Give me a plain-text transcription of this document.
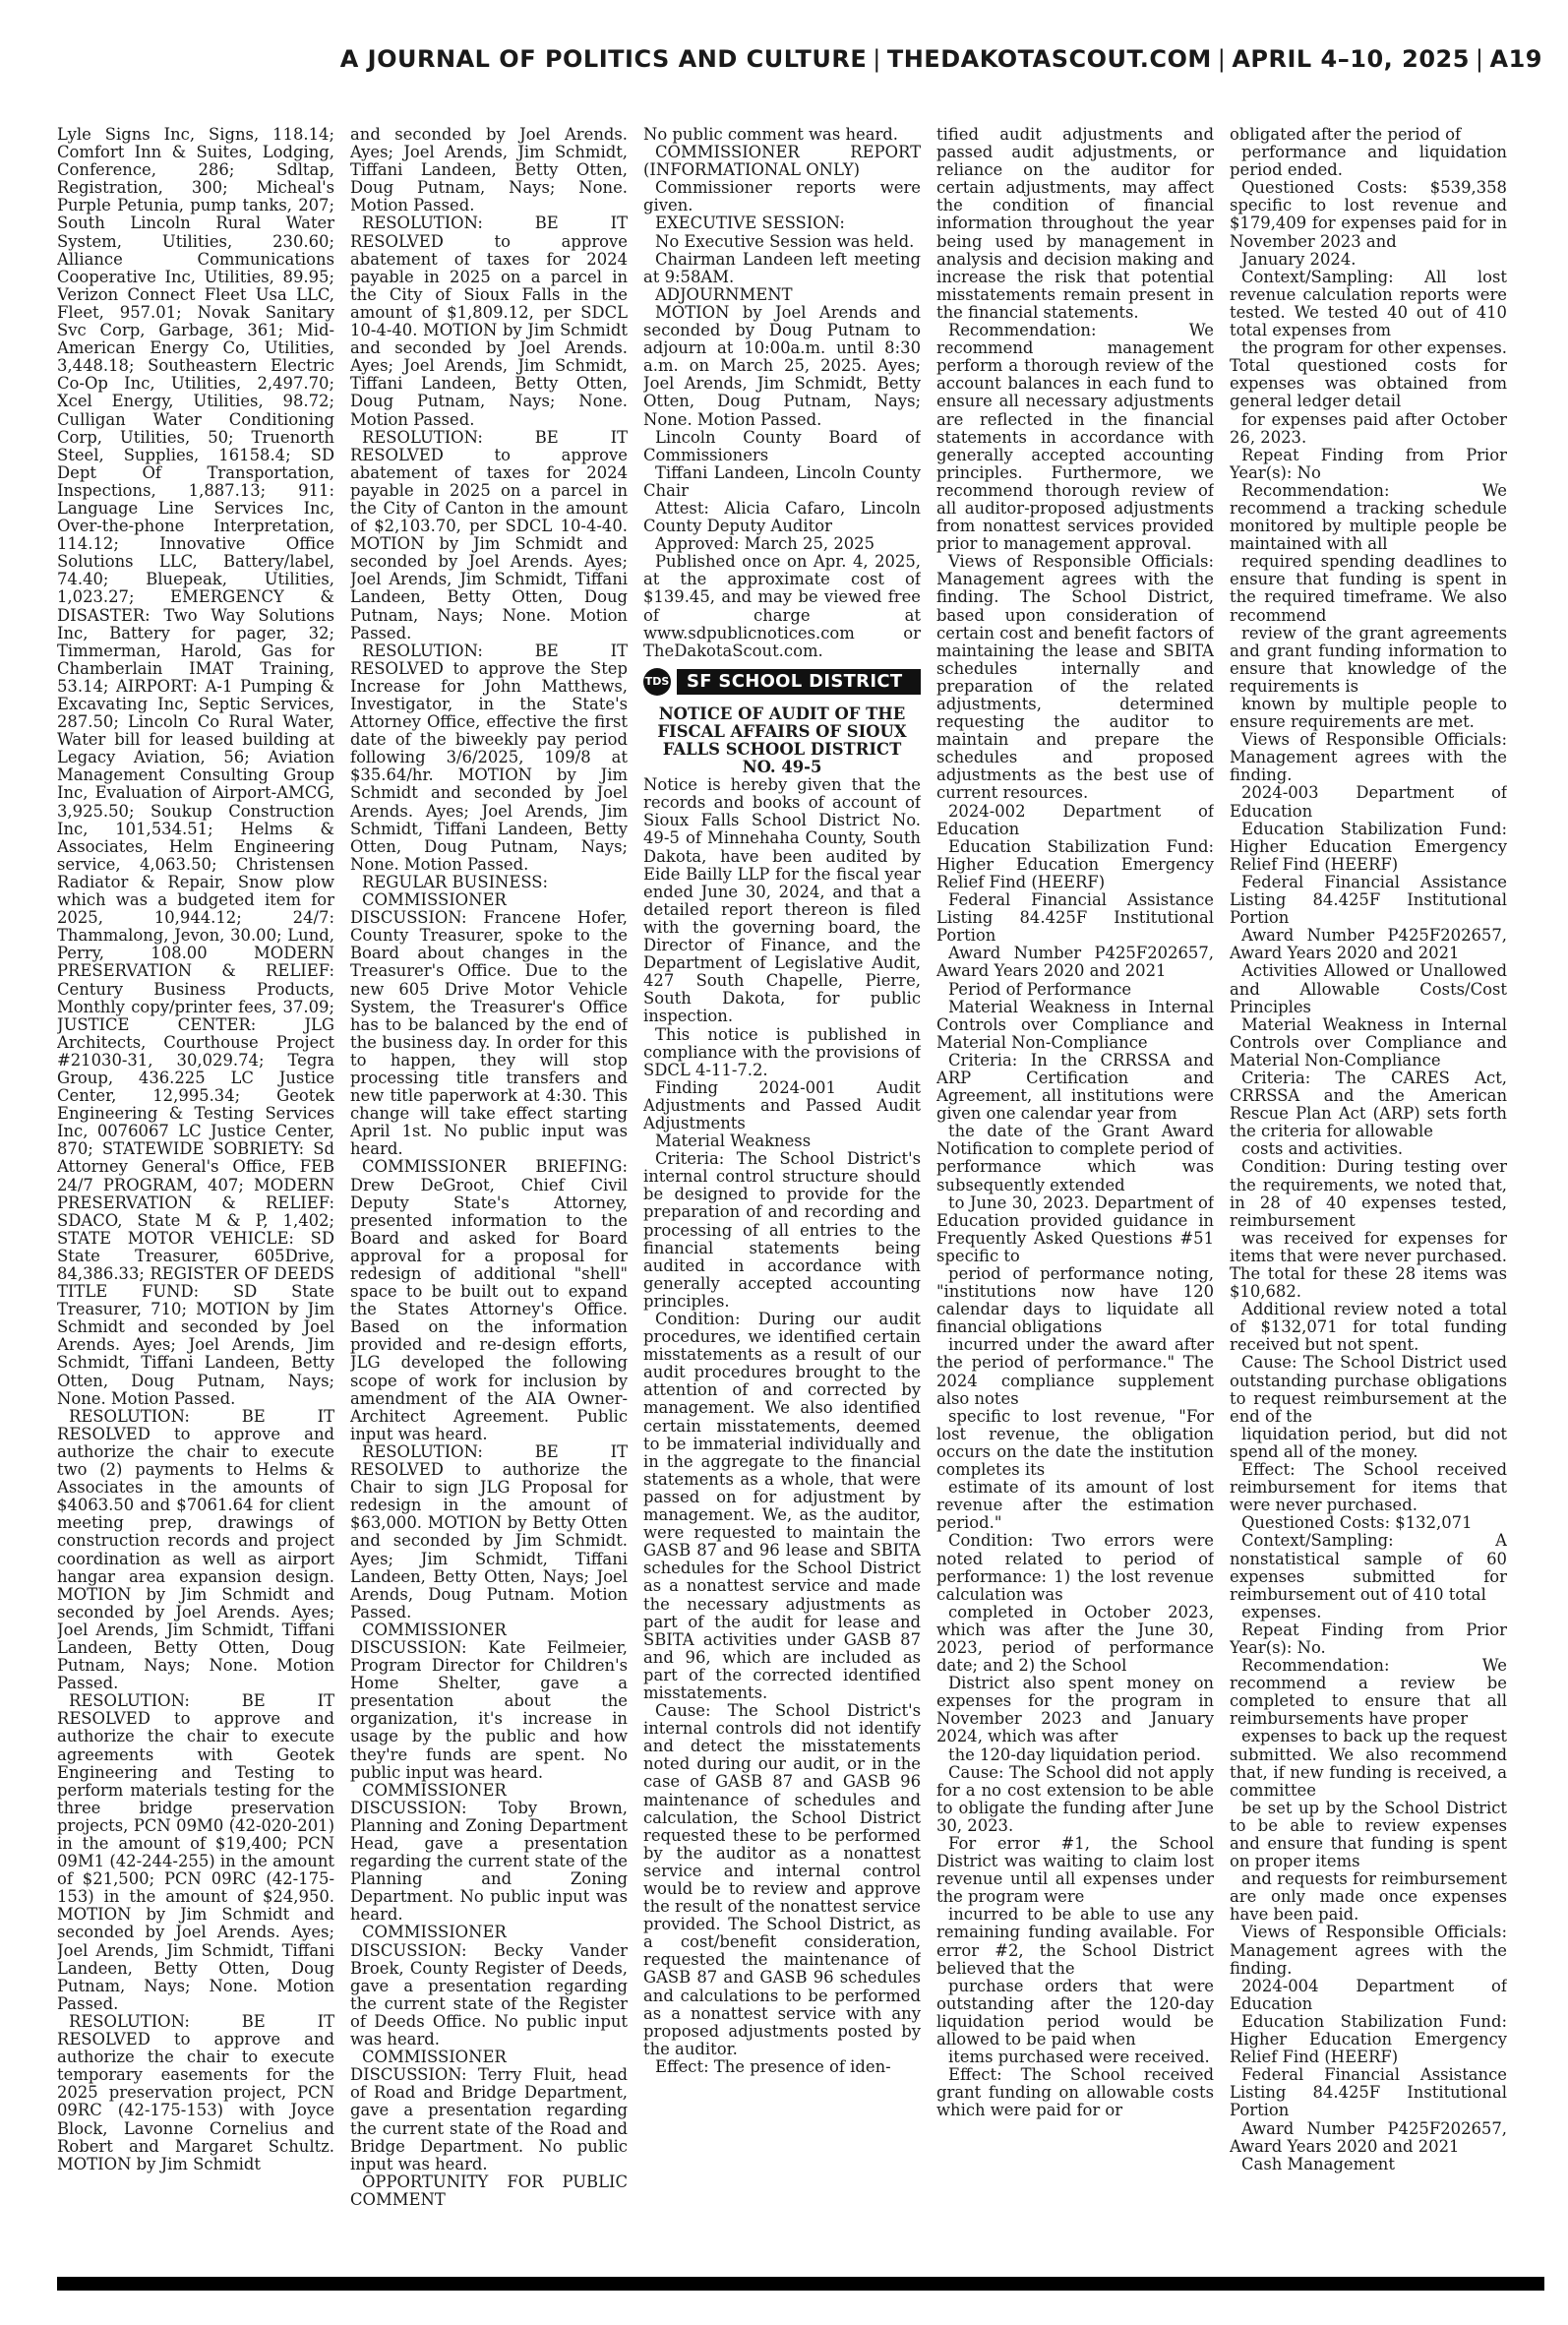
A JOURNAL OF POLITICS AND CULTURE | THEDAKOTASCOUT.COM | APRIL 4–10, 2025 | A19

Lyle Signs Inc, Signs, 118.14; Comfort Inn & Suites, Lodging, Conference, 286; Sdltap, Registration, 300; Micheal's Purple Petunia, pump tanks, 207; South Lincoln Rural Water System, Utilities, 230.60; Alliance Communications Cooperative Inc, Utilities, 89.95; Verizon Connect Fleet Usa LLC, Fleet, 957.01; Novak Sanitary Svc Corp, Garbage, 361; Mid-American Energy Co, Utilities, 3,448.18; Southeastern Electric Co-Op Inc, Utilities, 2,497.70; Xcel Energy, Utilities, 98.72; Culligan Water Conditioning Corp, Utilities, 50; Truenorth Steel, Supplies, 16158.4; SD Dept Of Transportation, Inspections, 1,887.13; 911: Language Line Services Inc, Over-the-phone Interpretation, 114.12; Innovative Office Solutions LLC, Battery/label, 74.40; Bluepeak, Utilities, 1,023.27; EMERGENCY & DISASTER: Two Way Solutions Inc, Battery for pager, 32; Timmerman, Harold, Gas for Chamberlain IMAT Training, 53.14; AIRPORT: A-1 Pumping & Excavating Inc, Septic Services, 287.50; Lincoln Co Rural Water, Water bill for leased building at Legacy Aviation, 56; Aviation Management Consulting Group Inc, Evaluation of Airport-AMCG, 3,925.50; Soukup Construction Inc, 101,534.51; Helms & Associates, Helm Engineering service, 4,063.50; Christensen Radiator & Repair, Snow plow which was a budgeted item for 2025, 10,944.12; 24/7: Thammalong, Jevon, 30.00; Lund, Perry, 108.00 MODERN PRESERVATION & RELIEF: Century Business Products, Monthly copy/printer fees, 37.09; JUSTICE CENTER: JLG Architects, Courthouse Project #21030-31, 30,029.74; Tegra Group, 436.225 LC Justice Center, 12,995.34; Geotek Engineering & Testing Services Inc, 0076067 LC Justice Center, 870; STATEWIDE SOBRIETY: Sd Attorney General's Office, FEB 24/7 PROGRAM, 407; MODERN PRESERVATION & RELIEF: SDACO, State M & P, 1,402; STATE MOTOR VEHICLE: SD State Treasurer, 605Drive, 84,386.33; REGISTER OF DEEDS TITLE FUND: SD State Treasurer, 710; MOTION by Jim Schmidt and seconded by Joel Arends. Ayes; Joel Arends, Jim Schmidt, Tiffani Landeen, Betty Otten, Doug Putnam, Nays; None. Motion Passed.

RESOLUTION: BE IT RESOLVED to approve and authorize the chair to execute two (2) payments to Helms & Associates in the amounts of $4063.50 and $7061.64 for client meeting prep, drawings of construction records and project coordination as well as airport hangar area expansion design. MOTION by Jim Schmidt and seconded by Joel Arends. Ayes; Joel Arends, Jim Schmidt, Tiffani Landeen, Betty Otten, Doug Putnam, Nays; None. Motion Passed.

RESOLUTION: BE IT RESOLVED to approve and authorize the chair to execute agreements with Geotek Engineering and Testing to perform materials testing for the three bridge preservation projects, PCN 09M0 (42-020-201) in the amount of $19,400; PCN 09M1 (42-244-255) in the amount of $21,500; PCN 09RC (42-175-153) in the amount of $24,950. MOTION by Jim Schmidt and seconded by Joel Arends. Ayes; Joel Arends, Jim Schmidt, Tiffani Landeen, Betty Otten, Doug Putnam, Nays; None. Motion Passed.

RESOLUTION: BE IT RESOLVED to approve and authorize the chair to execute temporary easements for the 2025 preservation project, PCN 09RC (42-175-153) with Joyce Block, Lavonne Cornelius and Robert and Margaret Schultz. MOTION by Jim Schmidt

and seconded by Joel Arends. Ayes; Joel Arends, Jim Schmidt, Tiffani Landeen, Betty Otten, Doug Putnam, Nays; None. Motion Passed.

RESOLUTION: BE IT RESOLVED to approve abatement of taxes for 2024 payable in 2025 on a parcel in the City of Sioux Falls in the amount of $1,809.12, per SDCL 10-4-40. MOTION by Jim Schmidt and seconded by Joel Arends. Ayes; Joel Arends, Jim Schmidt, Tiffani Landeen, Betty Otten, Doug Putnam, Nays; None. Motion Passed.

RESOLUTION: BE IT RESOLVED to approve abatement of taxes for 2024 payable in 2025 on a parcel in the City of Canton in the amount of $2,103.70, per SDCL 10-4-40. MOTION by Jim Schmidt and seconded by Joel Arends. Ayes; Joel Arends, Jim Schmidt, Tiffani Landeen, Betty Otten, Doug Putnam, Nays; None. Motion Passed.

RESOLUTION: BE IT RESOLVED to approve the Step Increase for John Matthews, Investigator, in the State's Attorney Office, effective the first date of the biweekly pay period following 3/6/2025, 109/8 at $35.64/hr. MOTION by Jim Schmidt and seconded by Joel Arends. Ayes; Joel Arends, Jim Schmidt, Tiffani Landeen, Betty Otten, Doug Putnam, Nays; None. Motion Passed.

REGULAR BUSINESS:

COMMISSIONER DISCUSSION: Francene Hofer, County Treasurer, spoke to the Board about changes in the Treasurer's Office. Due to the new 605 Drive Motor Vehicle System, the Treasurer's Office has to be balanced by the end of the business day. In order for this to happen, they will stop processing title transfers and new title paperwork at 4:30. This change will take effect starting April 1st. No public input was heard.

COMMISSIONER BRIEFING: Drew DeGroot, Chief Civil Deputy State's Attorney, presented information to the Board and asked for Board approval for a proposal for redesign of additional "shell" space to be built out to expand the States Attorney's Office. Based on the information provided and re-design efforts, JLG developed the following scope of work for inclusion by amendment of the AIA Owner-Architect Agreement. Public input was heard.

RESOLUTION: BE IT RESOLVED to authorize the Chair to sign JLG Proposal for redesign in the amount of $63,000. MOTION by Betty Otten and seconded by Jim Schmidt. Ayes; Jim Schmidt, Tiffani Landeen, Betty Otten, Nays; Joel Arends, Doug Putnam. Motion Passed.

COMMISSIONER DISCUSSION: Kate Feilmeier, Program Director for Children's Home Shelter, gave a presentation about the organization, it's increase in usage by the public and how they're funds are spent. No public input was heard.

COMMISSIONER DISCUSSION: Toby Brown, Planning and Zoning Department Head, gave a presentation regarding the current state of the Planning and Zoning Department. No public input was heard.

COMMISSIONER DISCUSSION: Becky Vander Broek, County Register of Deeds, gave a presentation regarding the current state of the Register of Deeds Office. No public input was heard.

COMMISSIONER DISCUSSION: Terry Fluit, head of Road and Bridge Department, gave a presentation regarding the current state of the Road and Bridge Department. No public input was heard.

OPPORTUNITY FOR PUBLIC COMMENT

No public comment was heard.

COMMISSIONER REPORT (INFORMATIONAL ONLY)

Commissioner reports were given.

EXECUTIVE SESSION:

No Executive Session was held.

Chairman Landeen left meeting at 9:58AM.

ADJOURNMENT

MOTION by Joel Arends and seconded by Doug Putnam to adjourn at 10:00a.m. until 8:30 a.m. on March 25, 2025. Ayes; Joel Arends, Jim Schmidt, Betty Otten, Doug Putnam, Nays; None. Motion Passed.

Lincoln County Board of Commissioners

Tiffani Landeen, Lincoln County Chair

Attest: Alicia Cafaro, Lincoln County Deputy Auditor

Approved: March 25, 2025

Published once on Apr. 4, 2025, at the approximate cost of $139.45, and may be viewed free of charge at www.sdpublicnotices.com or TheDakotaScout.com.

TDS SF SCHOOL DISTRICT

NOTICE OF AUDIT OF THE FISCAL AFFAIRS OF SIOUX FALLS SCHOOL DISTRICT NO. 49-5

Notice is hereby given that the records and books of account of Sioux Falls School District No. 49-5 of Minnehaha County, South Dakota, have been audited by Eide Bailly LLP for the fiscal year ended June 30, 2024, and that a detailed report thereon is filed with the governing board, the Director of Finance, and the Department of Legislative Audit, 427 South Chapelle, Pierre, South Dakota, for public inspection.

This notice is published in compliance with the provisions of SDCL 4-11-7.2.

Finding 2024-001 Audit Adjustments and Passed Audit Adjustments

Material Weakness

Criteria: The School District's internal control structure should be designed to provide for the preparation of and recording and processing of all entries to the financial statements being audited in accordance with generally accepted accounting principles.

Condition: During our audit procedures, we identified certain misstatements as a result of our audit procedures brought to the attention of and corrected by management. We also identified certain misstatements, deemed to be immaterial individually and in the aggregate to the financial statements as a whole, that were passed on for adjustment by management. We, as the auditor, were requested to maintain the GASB 87 and 96 lease and SBITA schedules for the School District as a nonattest service and made the necessary adjustments as part of the audit for lease and SBITA activities under GASB 87 and 96, which are included as part of the corrected identified misstatements.

Cause: The School District's internal controls did not identify and detect the misstatements noted during our audit, or in the case of GASB 87 and GASB 96 maintenance of schedules and calculation, the School District requested these to be performed by the auditor as a nonattest service and internal control would be to review and approve the result of the nonattest service provided. The School District, as a cost/benefit consideration, requested the maintenance of GASB 87 and GASB 96 schedules and calculations to be performed as a nonattest service with any proposed adjustments posted by the auditor.

Effect: The presence of iden-

tified audit adjustments and passed audit adjustments, or reliance on the auditor for certain adjustments, may affect the condition of financial information throughout the year being used by management in analysis and decision making and increase the risk that potential misstatements remain present in the financial statements.

Recommendation: We recommend management perform a thorough review of the account balances in each fund to ensure all necessary adjustments are reflected in the financial statements in accordance with generally accepted accounting principles. Furthermore, we recommend thorough review of all auditor-proposed adjustments from nonattest services provided prior to management approval.

Views of Responsible Officials: Management agrees with the finding. The School District, based upon consideration of certain cost and benefit factors of maintaining the lease and SBITA schedules internally and preparation of the related adjustments, determined requesting the auditor to maintain and prepare the schedules and proposed adjustments as the best use of current resources.

2024-002 Department of Education

Education Stabilization Fund: Higher Education Emergency Relief Find (HEERF)

Federal Financial Assistance Listing 84.425F Institutional Portion

Award Number P425F202657, Award Years 2020 and 2021

Period of Performance

Material Weakness in Internal Controls over Compliance and Material Non-Compliance

Criteria: In the CRRSSA and ARP Certification and Agreement, all institutions were given one calendar year from

the date of the Grant Award Notification to complete period of performance which was subsequently extended

to June 30, 2023. Department of Education provided guidance in Frequently Asked Questions #51 specific to

period of performance noting, "institutions now have 120 calendar days to liquidate all financial obligations

incurred under the award after the period of performance." The 2024 compliance supplement also notes

specific to lost revenue, "For lost revenue, the obligation occurs on the date the institution completes its

estimate of its amount of lost revenue after the estimation period."

Condition: Two errors were noted related to period of performance: 1) the lost revenue calculation was

completed in October 2023, which was after the June 30, 2023, period of performance date; and 2) the School

District also spent money on expenses for the program in November 2023 and January 2024, which was after

the 120-day liquidation period.

Cause: The School did not apply for a no cost extension to be able to obligate the funding after June 30, 2023.

For error #1, the School District was waiting to claim lost revenue until all expenses under the program were

incurred to be able to use any remaining funding available. For error #2, the School District believed that the

purchase orders that were outstanding after the 120-day liquidation period would be allowed to be paid when

items purchased were received.

Effect: The School received grant funding on allowable costs which were paid for or

obligated after the period of

performance and liquidation period ended.

Questioned Costs: $539,358 specific to lost revenue and $179,409 for expenses paid for in November 2023 and

January 2024.

Context/Sampling: All lost revenue calculation reports were tested. We tested 40 out of 410 total expenses from

the program for other expenses. Total questioned costs for expenses was obtained from general ledger detail

for expenses paid after October 26, 2023.

Repeat Finding from Prior Year(s): No

Recommendation: We recommend a tracking schedule monitored by multiple people be maintained with all

required spending deadlines to ensure that funding is spent in the required timeframe. We also recommend

review of the grant agreements and grant funding information to ensure that knowledge of the requirements is

known by multiple people to ensure requirements are met.

Views of Responsible Officials: Management agrees with the finding.

2024-003 Department of Education

Education Stabilization Fund: Higher Education Emergency Relief Find (HEERF)

Federal Financial Assistance Listing 84.425F Institutional Portion

Award Number P425F202657, Award Years 2020 and 2021

Activities Allowed or Unallowed and Allowable Costs/Cost Principles

Material Weakness in Internal Controls over Compliance and Material Non-Compliance

Criteria: The CARES Act, CRRSSA and the American Rescue Plan Act (ARP) sets forth the criteria for allowable

costs and activities.

Condition: During testing over the requirements, we noted that, in 28 of 40 expenses tested, reimbursement

was received for expenses for items that were never purchased. The total for these 28 items was $10,682.

Additional review noted a total of $132,071 for total funding received but not spent.

Cause: The School District used outstanding purchase obligations to request reimbursement at the end of the

liquidation period, but did not spend all of the money.

Effect: The School received reimbursement for items that were never purchased.

Questioned Costs: $132,071

Context/Sampling: A nonstatistical sample of 60 expenses submitted for reimbursement out of 410 total

expenses.

Repeat Finding from Prior Year(s): No.

Recommendation: We recommend a review be completed to ensure that all reimbursements have proper

expenses to back up the request submitted. We also recommend that, if new funding is received, a committee

be set up by the School District to be able to review expenses and ensure that funding is spent on proper items

and requests for reimbursement are only made once expenses have been paid.

Views of Responsible Officials: Management agrees with the finding.

2024-004 Department of Education

Education Stabilization Fund: Higher Education Emergency Relief Find (HEERF)

Federal Financial Assistance Listing 84.425F Institutional Portion

Award Number P425F202657, Award Years 2020 and 2021

Cash Management
